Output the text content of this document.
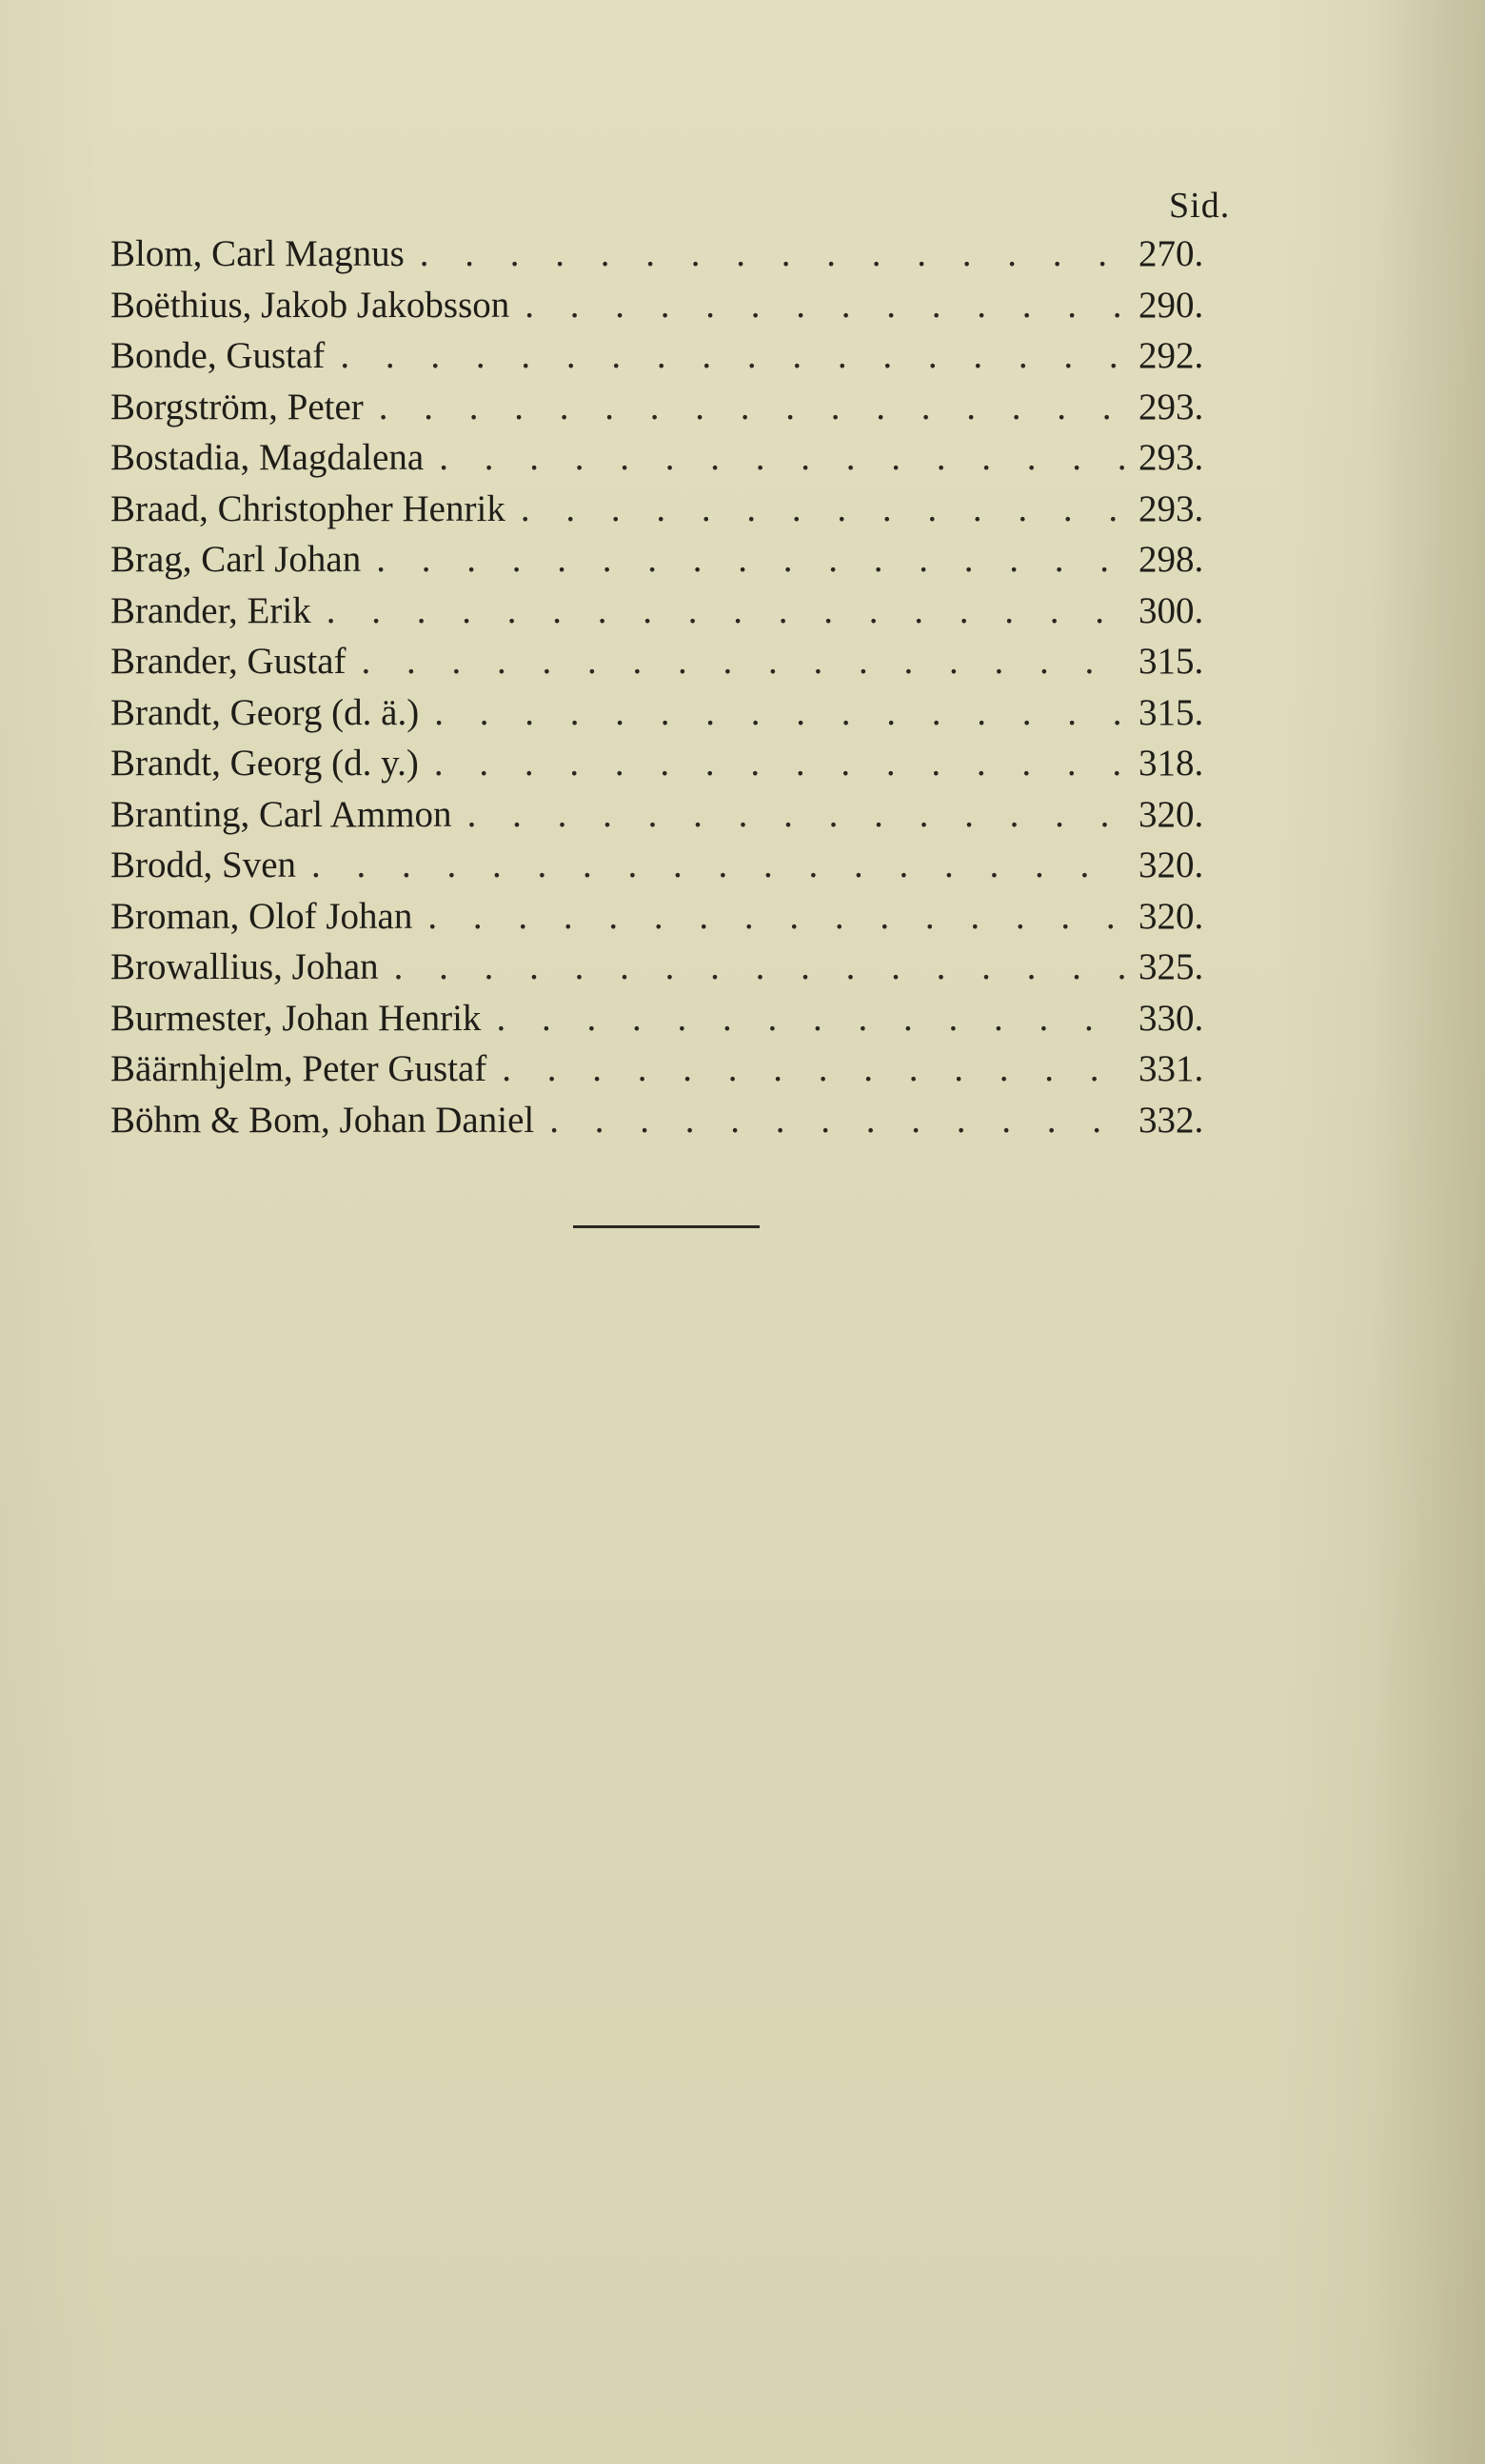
Sid.
Blom, Carl Magnus . . .	270.
Boëthius, Jakob Jakobsson . . .	290.
Bonde, Gustaf . . .	292.
Borgström, Peter . . .	293.
Bostadia, Magdalena . . .	293.
Braad, Christopher Henrik . . .	293.
Brag, Carl Johan . . .	298.
Brander, Erik . . .	300.
Brander, Gustaf . . .	315.
Brandt, Georg (d. ä.) . . .	315.
Brandt, Georg (d. y.) . . .	318.
Branting, Carl Ammon . . .	320.
Brodd, Sven . . .	320.
Broman, Olof Johan . . .	320.
Browallius, Johan . . .	325.
Burmester, Johan Henrik . . .	330.
Bäärnhjelm, Peter Gustaf . . .	331.
Böhm & Bom, Johan Daniel . . .	332.
